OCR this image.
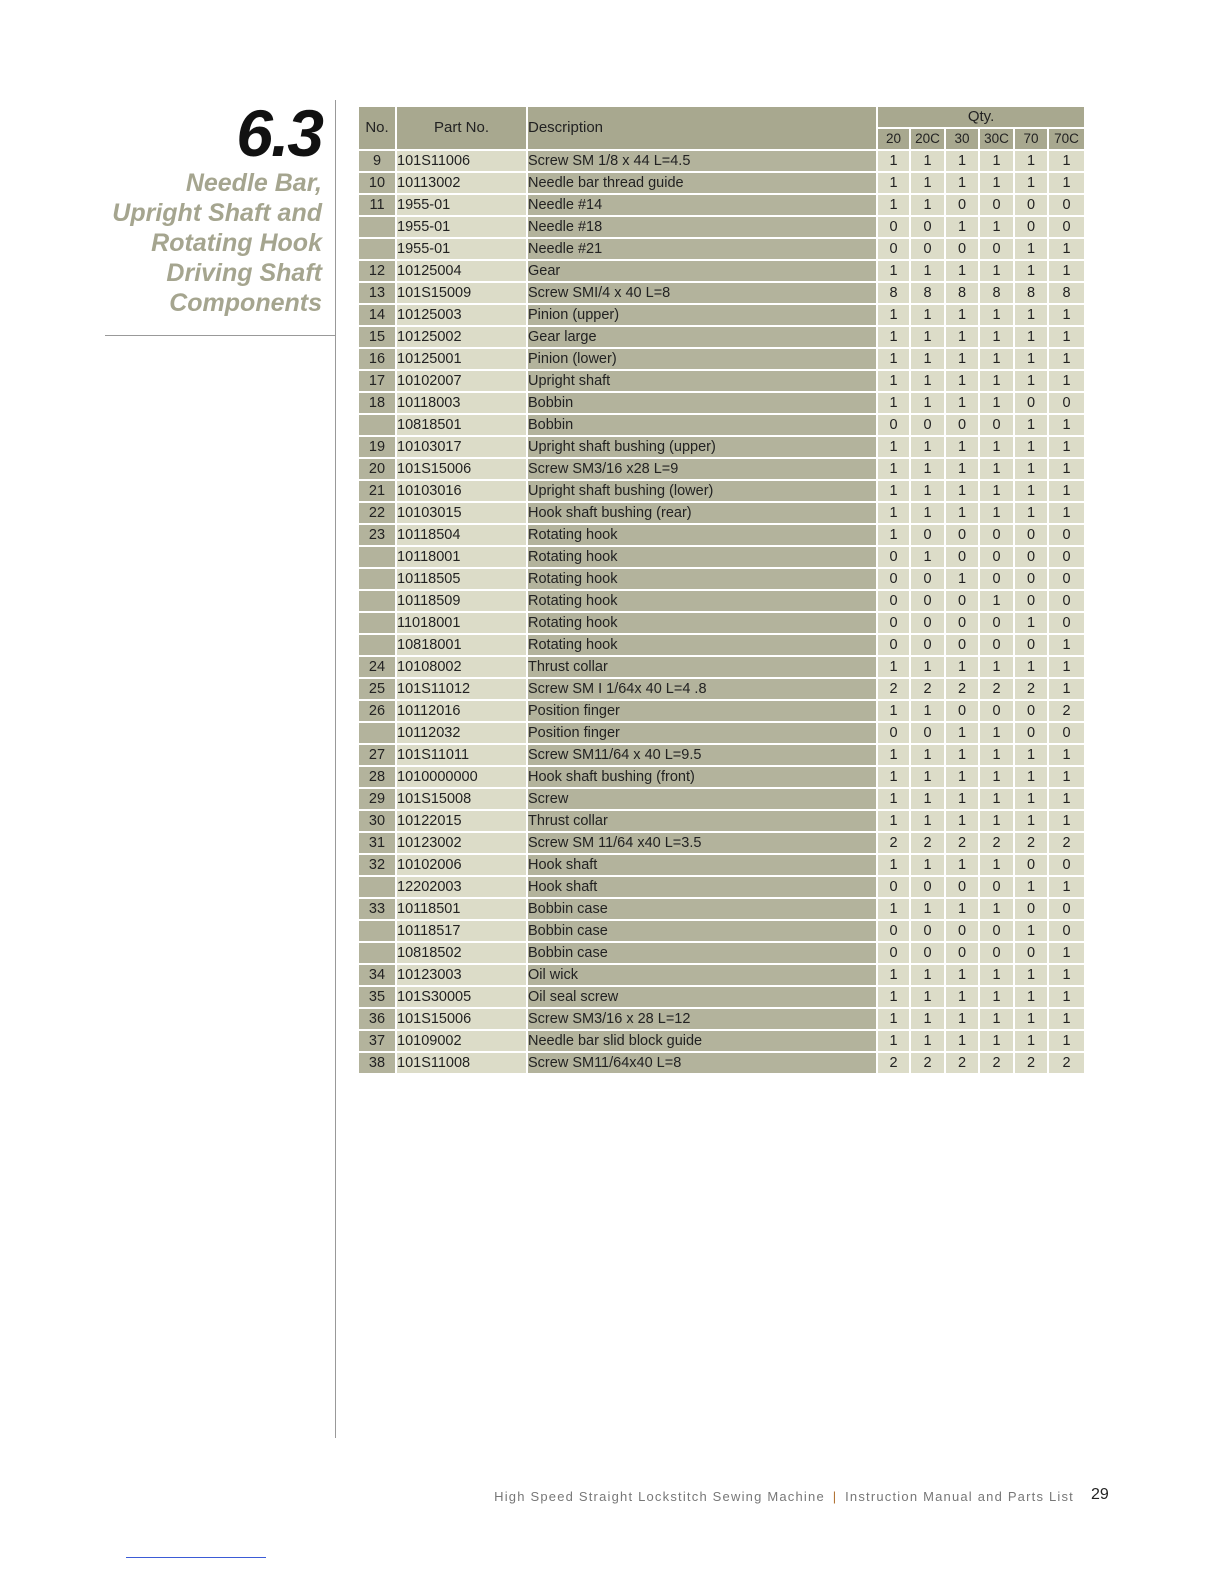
6.3
Needle Bar,
Upright Shaft and
Rotating Hook
Driving Shaft
Components
No.	Part No.	Description	Qty.					
			20	20C	30	30C	70	70C
9	101S11006	Screw SM 1/8 x 44 L=4.5	1	1	1	1	1	1
10	10113002	Needle bar thread guide	1	1	1	1	1	1
11	1955-01	Needle #14	1	1	0	0	0	0
	1955-01	Needle #18	0	0	1	1	0	0
	1955-01	Needle #21	0	0	0	0	1	1
12	10125004	Gear	1	1	1	1	1	1
13	101S15009	Screw SMI/4 x 40 L=8	8	8	8	8	8	8
14	10125003	Pinion (upper)	1	1	1	1	1	1
15	10125002	Gear large	1	1	1	1	1	1
16	10125001	Pinion (lower)	1	1	1	1	1	1
17	10102007	Upright shaft	1	1	1	1	1	1
18	10118003	Bobbin	1	1	1	1	0	0
	10818501	Bobbin	0	0	0	0	1	1
19	10103017	Upright shaft bushing (upper)	1	1	1	1	1	1
20	101S15006	Screw SM3/16 x28 L=9	1	1	1	1	1	1
21	10103016	Upright shaft bushing (lower)	1	1	1	1	1	1
22	10103015	Hook shaft bushing (rear)	1	1	1	1	1	1
23	10118504	Rotating hook	1	0	0	0	0	0
	10118001	Rotating hook	0	1	0	0	0	0
	10118505	Rotating hook	0	0	1	0	0	0
	10118509	Rotating hook	0	0	0	1	0	0
	11018001	Rotating hook	0	0	0	0	1	0
	10818001	Rotating hook	0	0	0	0	0	1
24	10108002	Thrust collar	1	1	1	1	1	1
25	101S11012	Screw SM I 1/64x 40 L=4 .8	2	2	2	2	2	1
26	10112016	Position finger	1	1	0	0	0	2
	10112032	Position finger	0	0	1	1	0	0
27	101S11011	Screw SM11/64 x 40 L=9.5	1	1	1	1	1	1
28	1010000000	Hook shaft bushing (front)	1	1	1	1	1	1
29	101S15008	Screw	1	1	1	1	1	1
30	10122015	Thrust collar	1	1	1	1	1	1
31	10123002	Screw SM 11/64 x40 L=3.5	2	2	2	2	2	2
32	10102006	Hook shaft	1	1	1	1	0	0
	12202003	Hook shaft	0	0	0	0	1	1
33	10118501	Bobbin case	1	1	1	1	0	0
	10118517	Bobbin case	0	0	0	0	1	0
	10818502	Bobbin case	0	0	0	0	0	1
34	10123003	Oil wick	1	1	1	1	1	1
35	101S30005	Oil seal screw	1	1	1	1	1	1
36	101S15006	Screw SM3/16 x 28 L=12	1	1	1	1	1	1
37	10109002	Needle bar slid block guide	1	1	1	1	1	1
38	101S11008	Screw SM11/64x40 L=8	2	2	2	2	2	2
High Speed Straight Lockstitch Sewing Machine | Instruction Manual and Parts List 29
